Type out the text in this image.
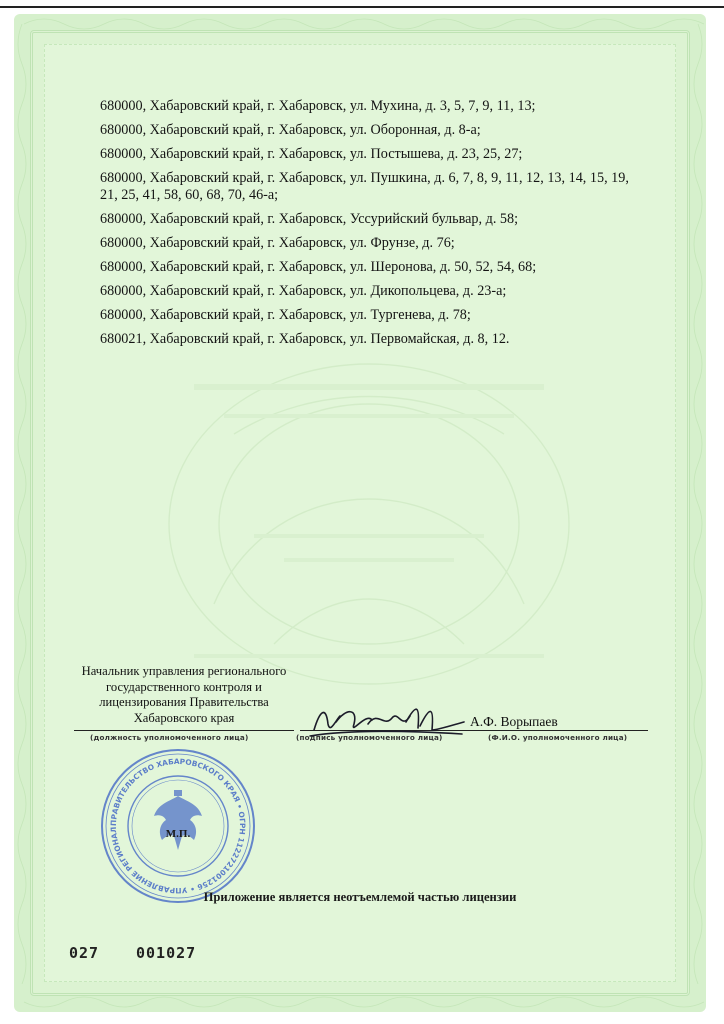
680000, Хабаровский край, г. Хабаровск, ул. Мухина, д. 3, 5, 7, 9, 11, 13;

680000, Хабаровский край, г. Хабаровск, ул. Оборонная, д. 8-а;

680000, Хабаровский край, г. Хабаровск, ул. Постышева, д. 23, 25, 27;

680000, Хабаровский край, г. Хабаровск, ул. Пушкина, д. 6, 7, 8, 9, 11, 12, 13, 14, 15, 19, 21, 25, 41, 58, 60, 68, 70, 46-а;

680000, Хабаровский край, г. Хабаровск, Уссурийский бульвар, д. 58;

680000, Хабаровский край, г. Хабаровск, ул. Фрунзе, д. 76;

680000, Хабаровский край, г. Хабаровск, ул. Шеронова, д. 50, 52, 54, 68;

680000, Хабаровский край, г. Хабаровск, ул. Дикопольцева, д. 23-а;

680000, Хабаровский край, г. Хабаровск, ул. Тургенева, д. 78;

680021, Хабаровский край, г. Хабаровск, ул. Первомайская, д. 8, 12.

Начальник управления регионального государственного контроля и лицензирования Правительства Хабаровского края
(должность уполномоченного лица)	(подпись уполномоченного лица)	(Ф.И.О. уполномоченного лица)
А.Ф. Ворыпаев
ПРАВИТЕЛЬСТВО ХАБАРОВСКОГО КРАЯ • ОГРН 1122721001256 • УПРАВЛЕНИЕ РЕГИОНАЛ	М.П.
Приложение является неотъемлемой частью лицензии
027 001027
